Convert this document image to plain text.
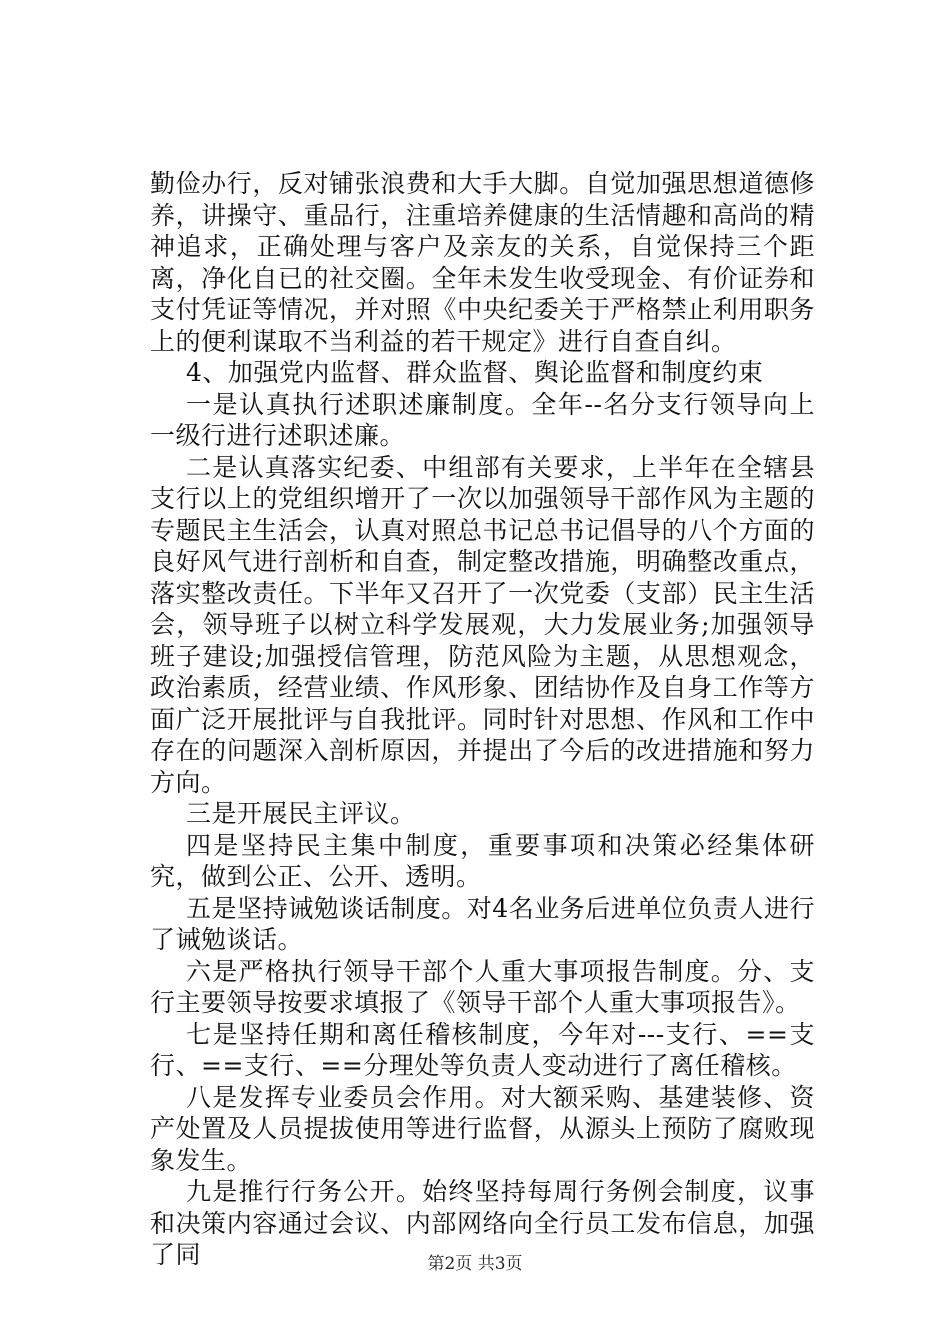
勤俭办行，反对铺张浪费和大手大脚。自觉加强思想道德修养，讲操守、重品行，注重培养健康的生活情趣和高尚的精神追求，正确处理与客户及亲友的关系，自觉保持三个距离，净化自已的社交圈。全年未发生收受现金、有价证券和支付凭证等情况，并对照《中央纪委关于严格禁止利用职务上的便利谋取不当利益的若干规定》进行自查自纠。

4、加强党内监督、群众监督、舆论监督和制度约束

一是认真执行述职述廉制度。全年--名分支行领导向上一级行进行述职述廉。

二是认真落实纪委、中组部有关要求，上半年在全辖县支行以上的党组织增开了一次以加强领导干部作风为主题的专题民主生活会，认真对照总书记总书记倡导的八个方面的良好风气进行剖析和自查，制定整改措施，明确整改重点，落实整改责任。下半年又召开了一次党委（支部）民主生活会，领导班子以树立科学发展观，大力发展业务;加强领导班子建设;加强授信管理，防范风险为主题，从思想观念，政治素质，经营业绩、作风形象、团结协作及自身工作等方面广泛开展批评与自我批评。同时针对思想、作风和工作中存在的问题深入剖析原因，并提出了今后的改进措施和努力方向。

三是开展民主评议。

四是坚持民主集中制度，重要事项和决策必经集体研究，做到公正、公开、透明。

五是坚持诫勉谈话制度。对4名业务后进单位负责人进行了诫勉谈话。

六是严格执行领导干部个人重大事项报告制度。分、支行主要领导按要求填报了《领导干部个人重大事项报告》。

七是坚持任期和离任稽核制度，今年对---支行、==支行、==支行、==分理处等负责人变动进行了离任稽核。

八是发挥专业委员会作用。对大额采购、基建装修、资产处置及人员提拔使用等进行监督，从源头上预防了腐败现象发生。

九是推行行务公开。始终坚持每周行务例会制度，议事和决策内容通过会议、内部网络向全行员工发布信息，加强了同	第2页 共3页
